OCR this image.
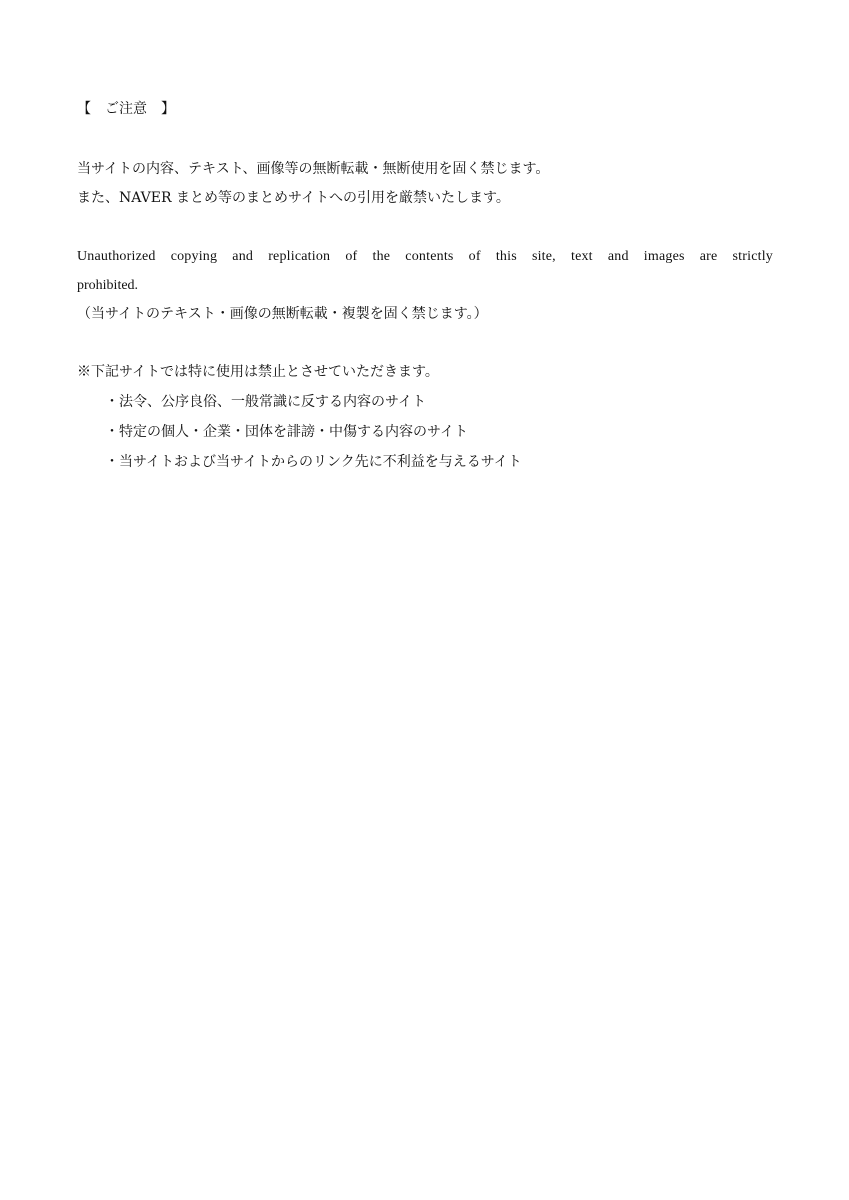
【　ご注意　】
当サイトの内容、テキスト、画像等の無断転載・無断使用を固く禁じます。
また、NAVER まとめ等のまとめサイトへの引用を厳禁いたします。
Unauthorized copying and replication of the contents of this site, text and images are strictly
prohibited.
（当サイトのテキスト・画像の無断転載・複製を固く禁じます。）
※下記サイトでは特に使用は禁止とさせていただきます。
・法令、公序良俗、一般常識に反する内容のサイト
・特定の個人・企業・団体を誹謗・中傷する内容のサイト
・当サイトおよび当サイトからのリンク先に不利益を与えるサイト
